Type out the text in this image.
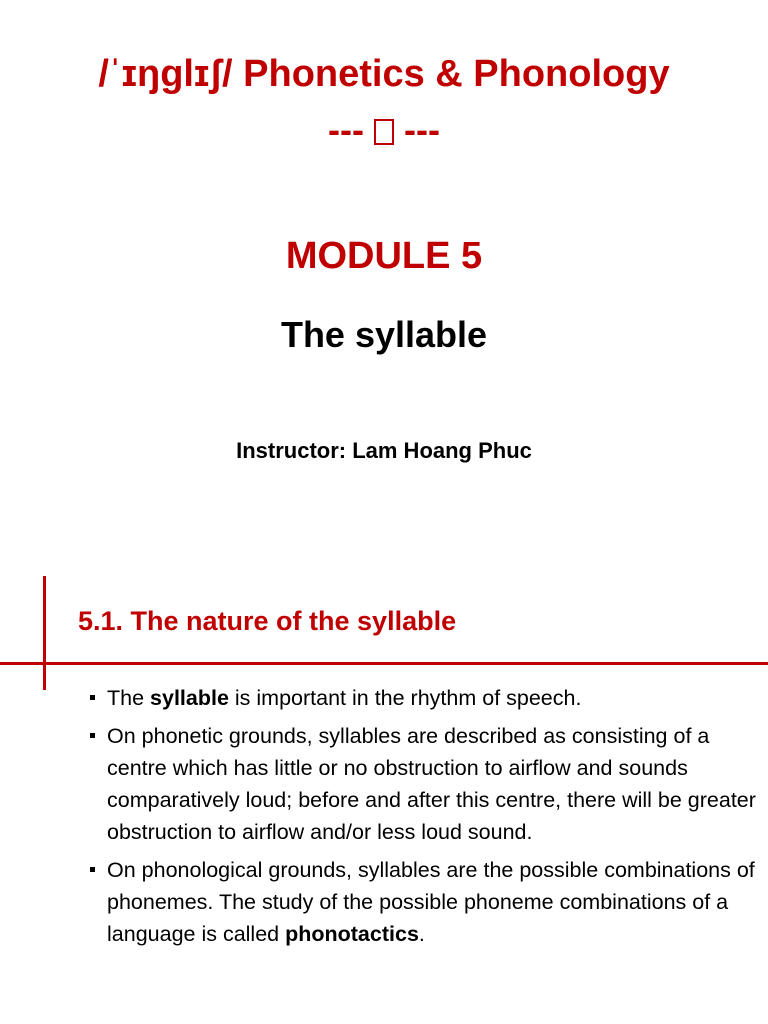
/ˈɪŋglɪʃ/ Phonetics & Phonology
--- ---
MODULE 5
The syllable
Instructor: Lam Hoang Phuc
5.1. The nature of the syllable
The syllable is important in the rhythm of speech.
On phonetic grounds, syllables are described as consisting of a centre which has little or no obstruction to airflow and sounds comparatively loud; before and after this centre, there will be greater obstruction to airflow and/or less loud sound.
On phonological grounds, syllables are the possible combinations of phonemes. The study of the possible phoneme combinations of a language is called phonotactics.
